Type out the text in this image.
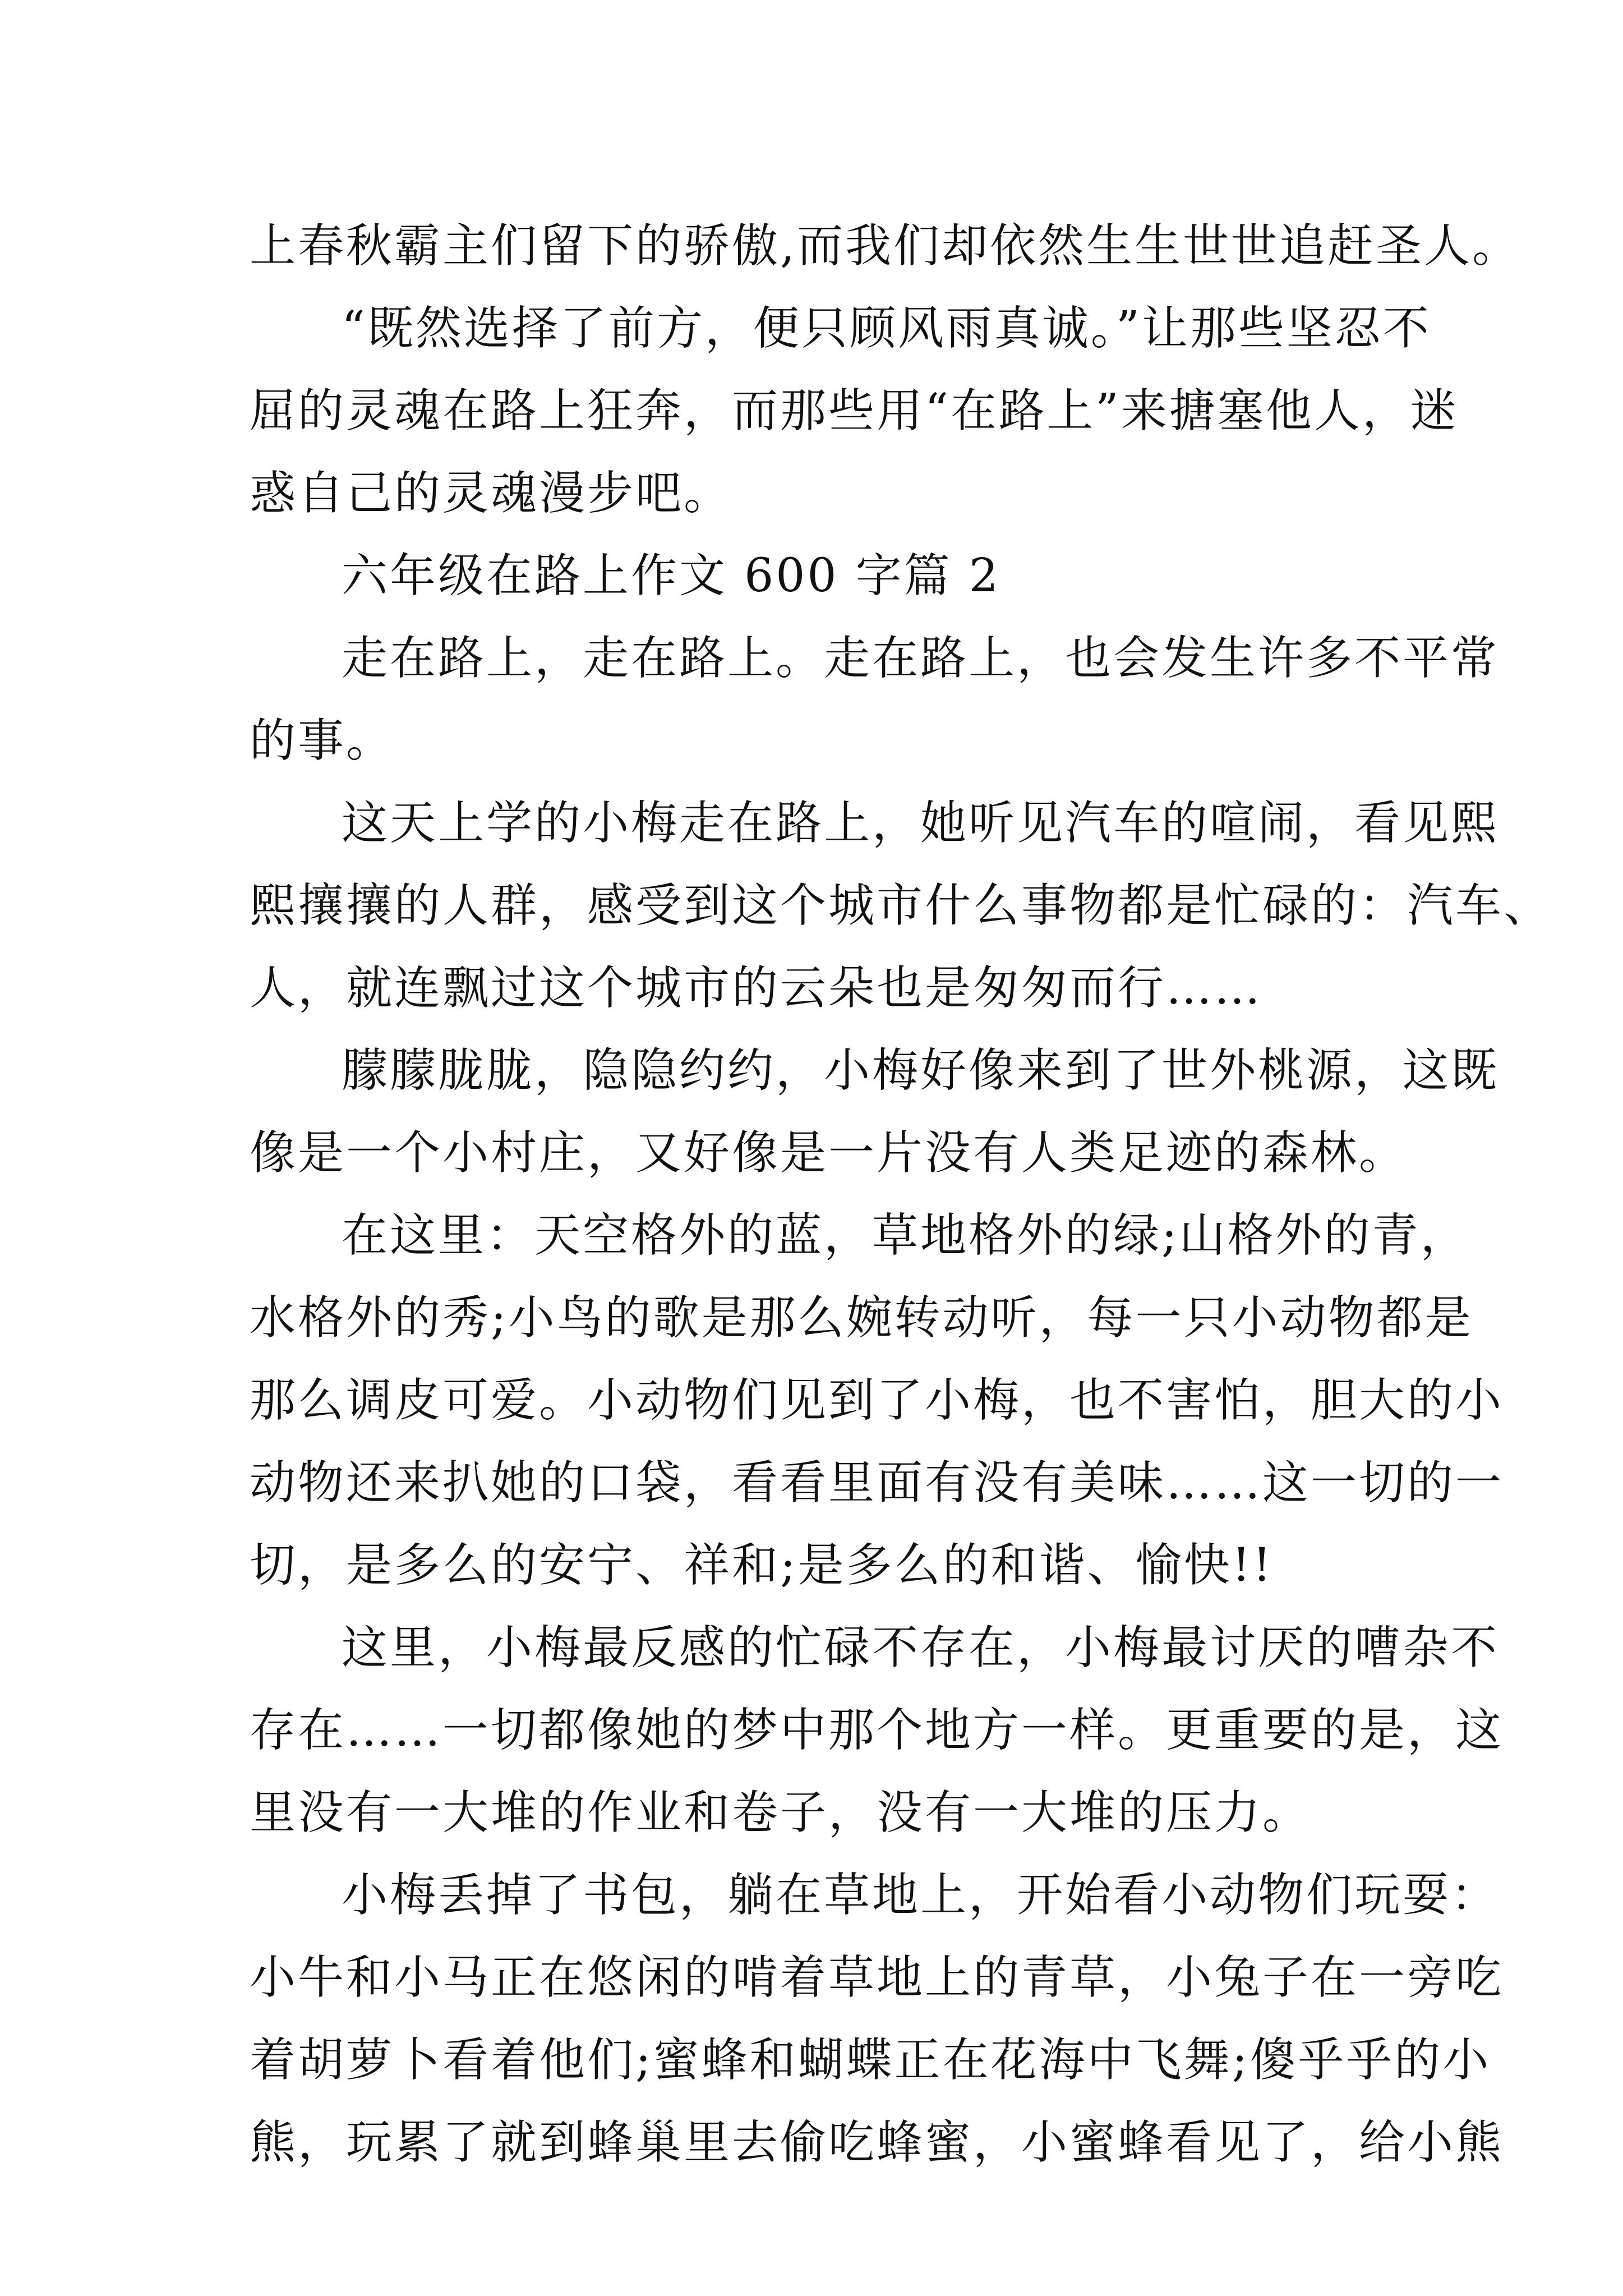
上春秋霸主们留下的骄傲,而我们却依然生生世世追赶圣人。

“既然选择了前方，便只顾风雨真诚。”让那些坚忍不

屈的灵魂在路上狂奔，而那些用“在路上”来搪塞他人，迷

惑自己的灵魂漫步吧。

六年级在路上作文 600 字篇 2

走在路上，走在路上。走在路上，也会发生许多不平常

的事。

这天上学的小梅走在路上，她听见汽车的喧闹，看见熙

熙攘攘的人群，感受到这个城市什么事物都是忙碌的：汽车、

人，就连飘过这个城市的云朵也是匆匆而行……

朦朦胧胧，隐隐约约，小梅好像来到了世外桃源，这既

像是一个小村庄，又好像是一片没有人类足迹的森林。

在这里：天空格外的蓝，草地格外的绿;山格外的青，

水格外的秀;小鸟的歌是那么婉转动听，每一只小动物都是

那么调皮可爱。小动物们见到了小梅，也不害怕，胆大的小

动物还来扒她的口袋，看看里面有没有美味……这一切的一

切，是多么的安宁、祥和;是多么的和谐、愉快!!

这里，小梅最反感的忙碌不存在，小梅最讨厌的嘈杂不

存在……一切都像她的梦中那个地方一样。更重要的是，这

里没有一大堆的作业和卷子，没有一大堆的压力。

小梅丢掉了书包，躺在草地上，开始看小动物们玩耍：

小牛和小马正在悠闲的啃着草地上的青草，小兔子在一旁吃

着胡萝卜看着他们;蜜蜂和蝴蝶正在花海中飞舞;傻乎乎的小

熊，玩累了就到蜂巢里去偷吃蜂蜜，小蜜蜂看见了，给小熊
